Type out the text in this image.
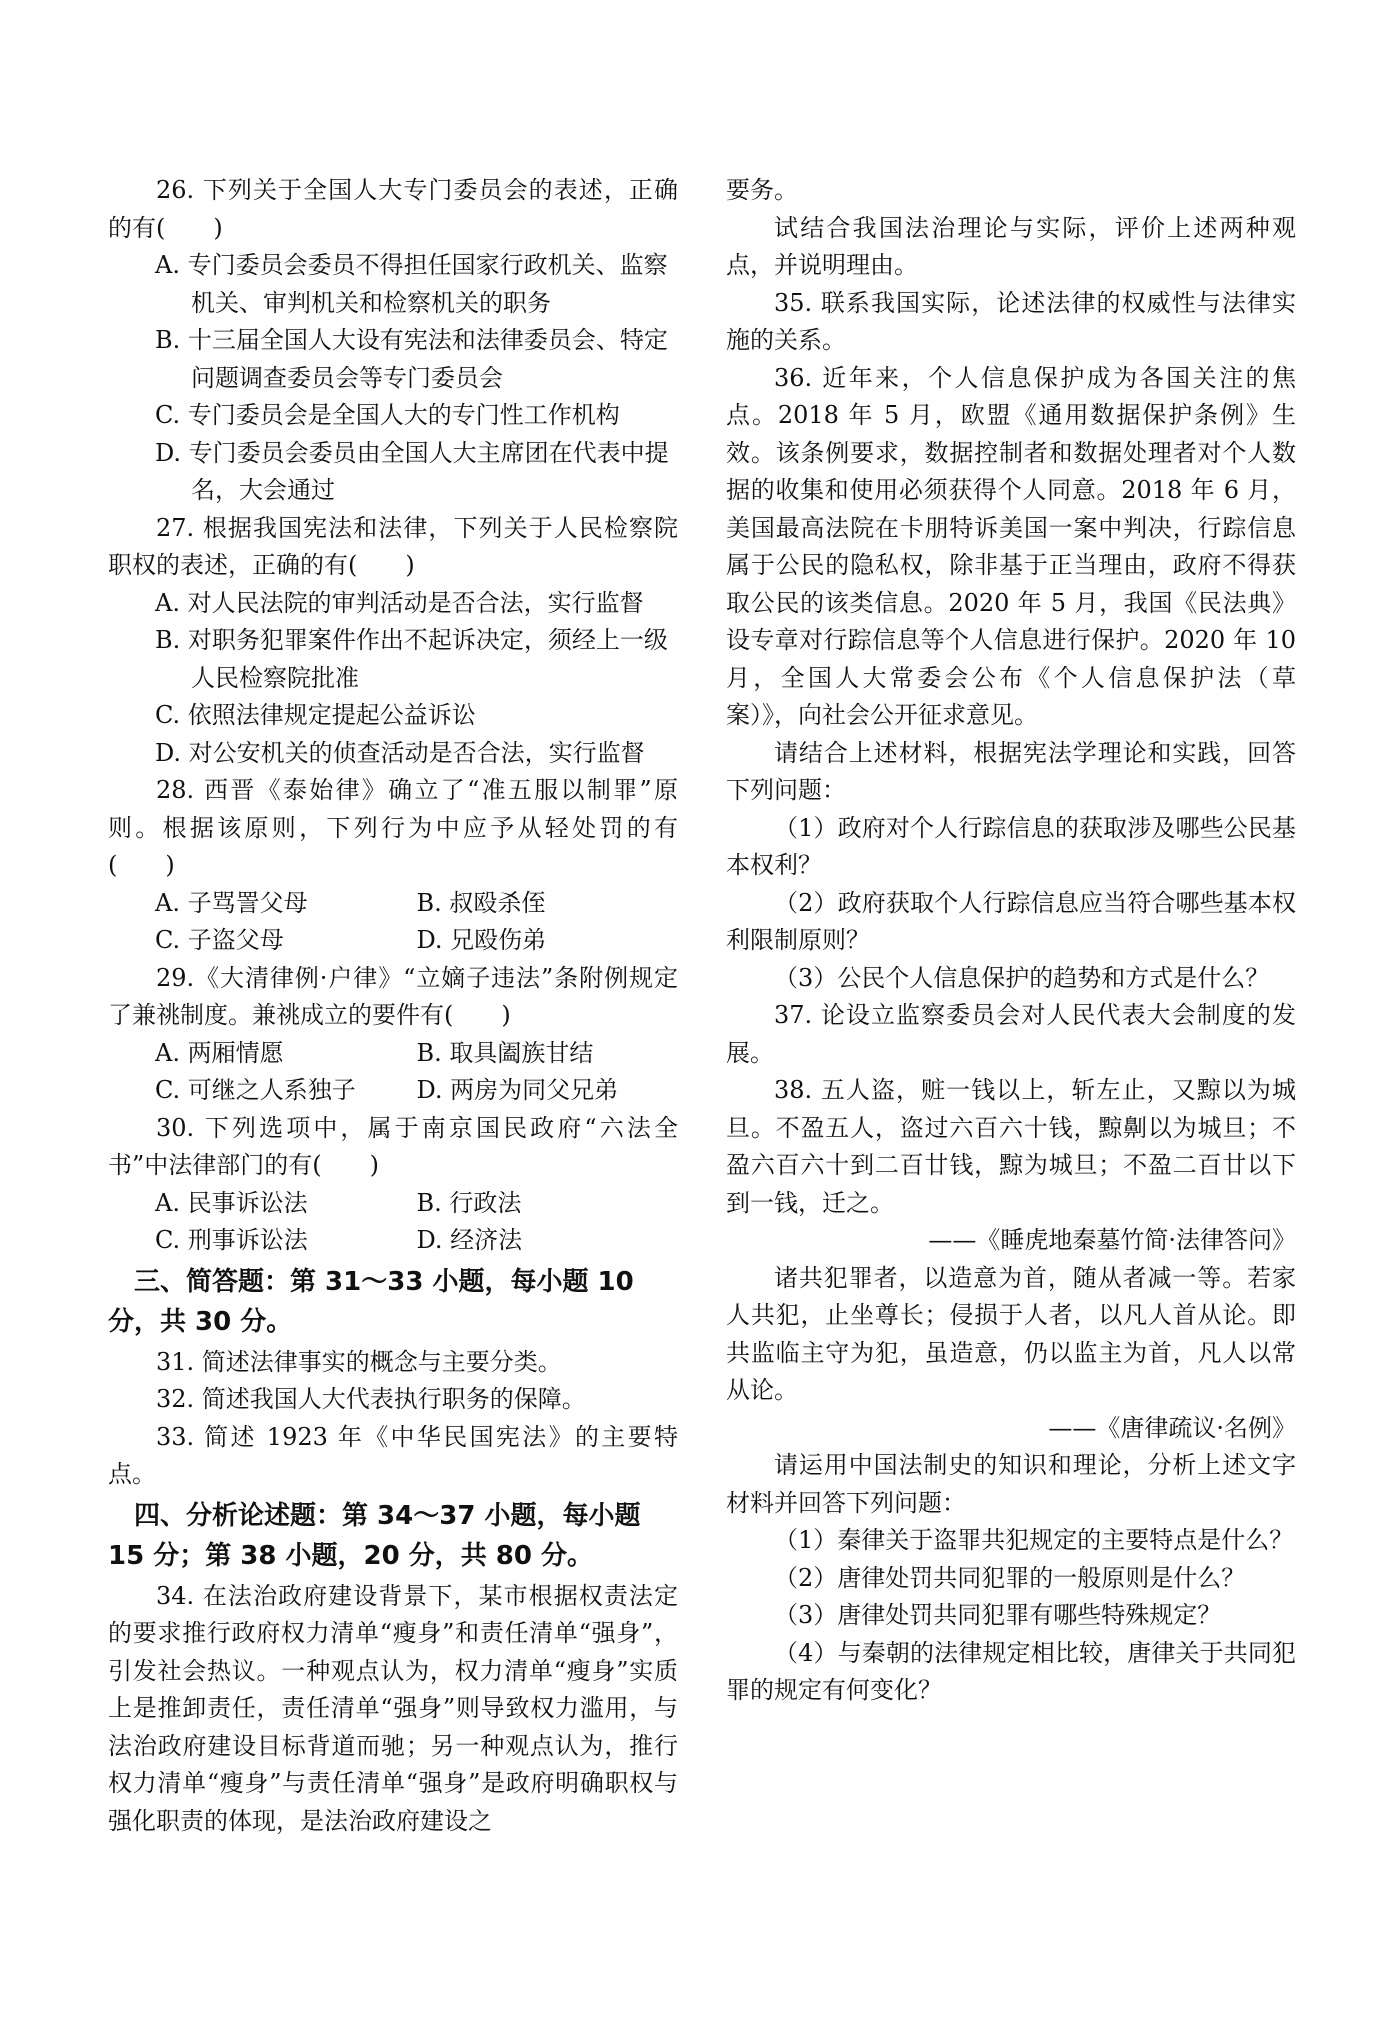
26. 下列关于全国人大专门委员会的表述，正确的有(　　)

A. 专门委员会委员不得担任国家行政机关、监察机关、审判机关和检察机关的职务

B. 十三届全国人大设有宪法和法律委员会、特定问题调查委员会等专门委员会

C. 专门委员会是全国人大的专门性工作机构

D. 专门委员会委员由全国人大主席团在代表中提名，大会通过

27. 根据我国宪法和法律，下列关于人民检察院职权的表述，正确的有(　　)

A. 对人民法院的审判活动是否合法，实行监督

B. 对职务犯罪案件作出不起诉决定，须经上一级人民检察院批准

C. 依照法律规定提起公益诉讼

D. 对公安机关的侦查活动是否合法，实行监督

28. 西晋《泰始律》确立了“准五服以制罪”原则。根据该原则，下列行为中应予从轻处罚的有(　　)

A. 子骂詈父母	B. 叔殴杀侄
C. 子盗父母	D. 兄殴伤弟

29.《大清律例·户律》“立嫡子违法”条附例规定了兼祧制度。兼祧成立的要件有(　　)

A. 两厢情愿	B. 取具阖族甘结
C. 可继之人系独子	D. 两房为同父兄弟

30. 下列选项中，属于南京国民政府“六法全书”中法律部门的有(　　)

A. 民事诉讼法	B. 行政法
C. 刑事诉讼法	D. 经济法

三、简答题：第 31～33 小题，每小题 10 分，共 30 分。

31. 简述法律事实的概念与主要分类。

32. 简述我国人大代表执行职务的保障。

33. 简述 1923 年《中华民国宪法》的主要特点。

四、分析论述题：第 34～37 小题，每小题 15 分；第 38 小题，20 分，共 80 分。

34. 在法治政府建设背景下，某市根据权责法定的要求推行政府权力清单“瘦身”和责任清单“强身”，引发社会热议。一种观点认为，权力清单“瘦身”实质上是推卸责任，责任清单“强身”则导致权力滥用，与法治政府建设目标背道而驰；另一种观点认为，推行权力清单“瘦身”与责任清单“强身”是政府明确职权与强化职责的体现，是法治政府建设之

要务。

试结合我国法治理论与实际，评价上述两种观点，并说明理由。

35. 联系我国实际，论述法律的权威性与法律实施的关系。

36. 近年来，个人信息保护成为各国关注的焦点。2018 年 5 月，欧盟《通用数据保护条例》生效。该条例要求，数据控制者和数据处理者对个人数据的收集和使用必须获得个人同意。2018 年 6 月，美国最高法院在卡朋特诉美国一案中判决，行踪信息属于公民的隐私权，除非基于正当理由，政府不得获取公民的该类信息。2020 年 5 月，我国《民法典》设专章对行踪信息等个人信息进行保护。2020 年 10 月，全国人大常委会公布《个人信息保护法（草案）》，向社会公开征求意见。

请结合上述材料，根据宪法学理论和实践，回答下列问题：

（1）政府对个人行踪信息的获取涉及哪些公民基本权利？

（2）政府获取个人行踪信息应当符合哪些基本权利限制原则？

（3）公民个人信息保护的趋势和方式是什么？

37. 论设立监察委员会对人民代表大会制度的发展。

38. 五人盗，赃一钱以上，斩左止，又黥以为城旦。不盈五人，盗过六百六十钱，黥劓以为城旦；不盈六百六十到二百廿钱，黥为城旦；不盈二百廿以下到一钱，迁之。

——《睡虎地秦墓竹简·法律答问》

诸共犯罪者，以造意为首，随从者减一等。若家人共犯，止坐尊长；侵损于人者，以凡人首从论。即共监临主守为犯，虽造意，仍以监主为首，凡人以常从论。

——《唐律疏议·名例》

请运用中国法制史的知识和理论，分析上述文字材料并回答下列问题：

（1）秦律关于盗罪共犯规定的主要特点是什么？

（2）唐律处罚共同犯罪的一般原则是什么？

（3）唐律处罚共同犯罪有哪些特殊规定？

（4）与秦朝的法律规定相比较，唐律关于共同犯罪的规定有何变化？
